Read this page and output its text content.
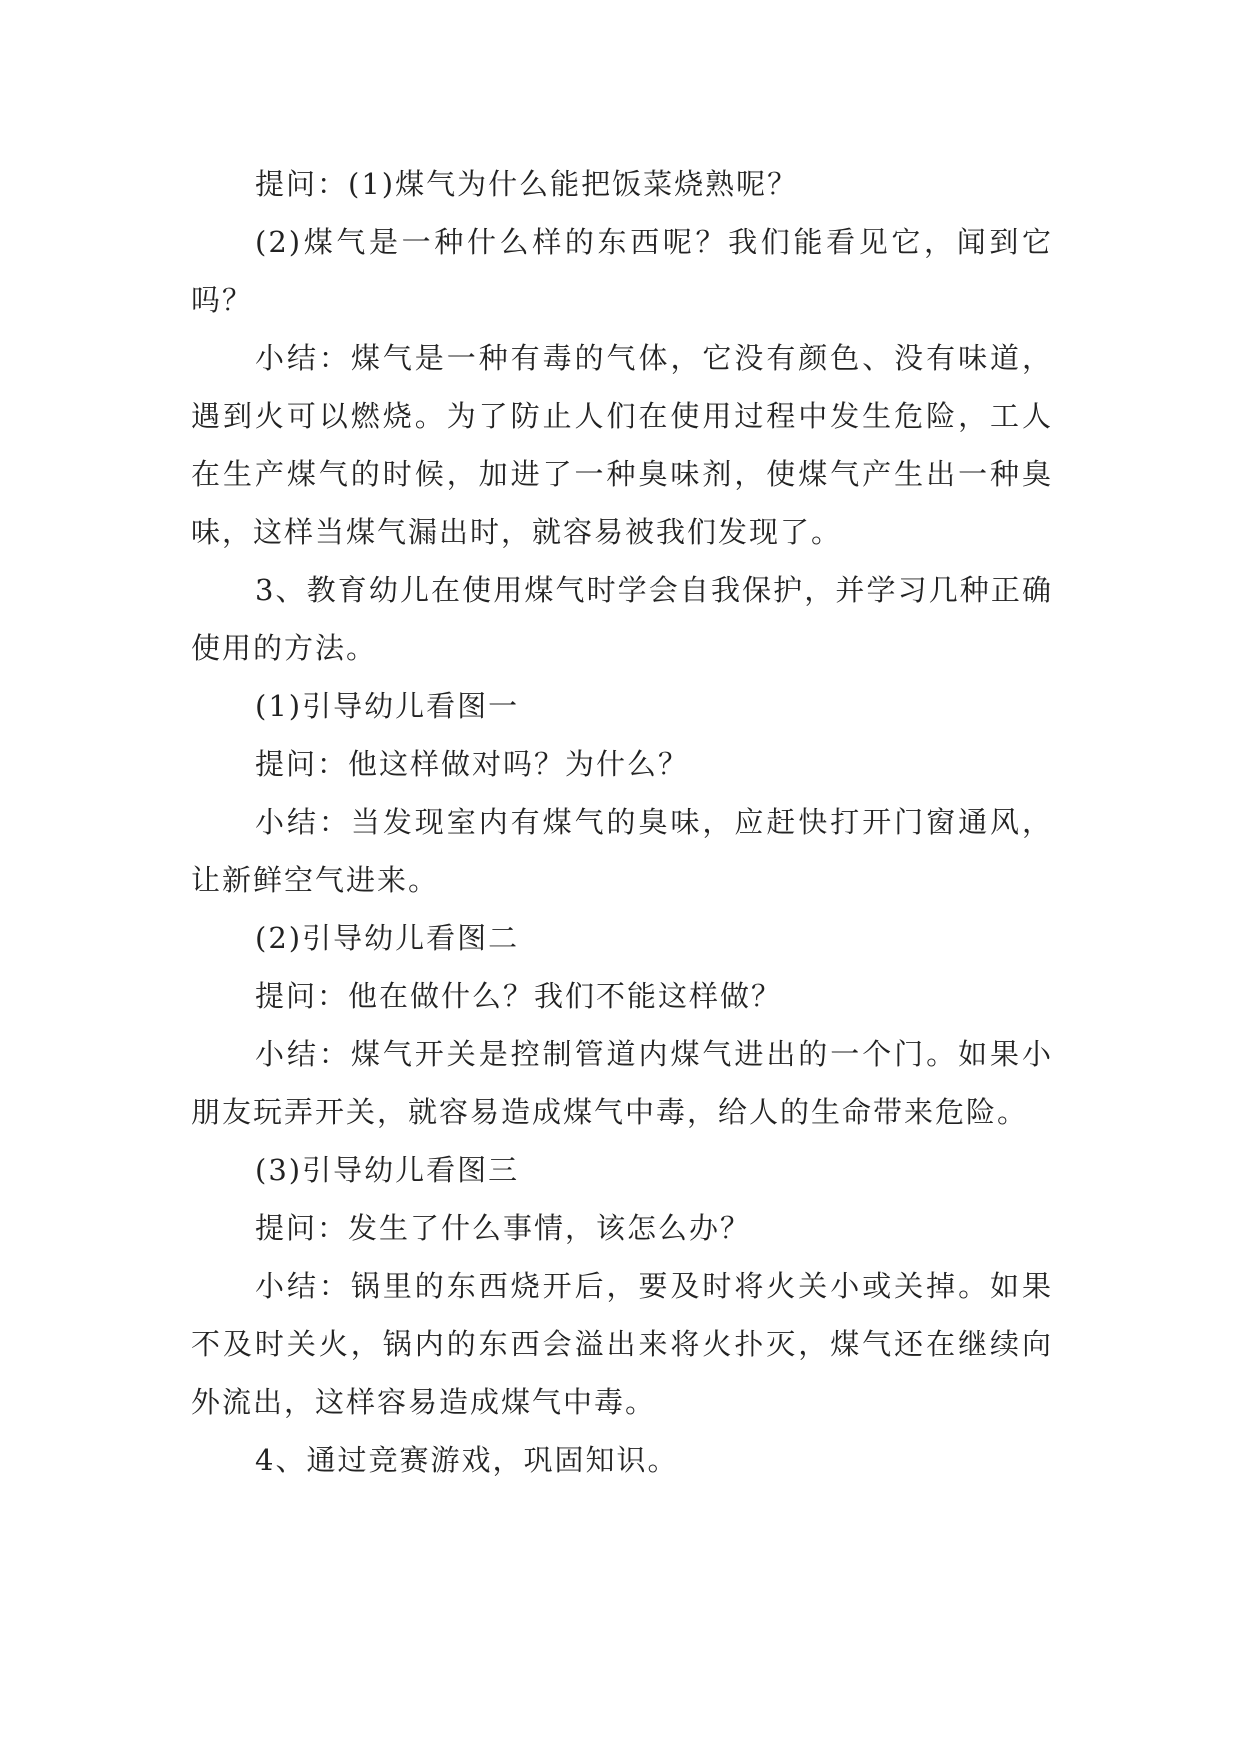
提问：(1)煤气为什么能把饭菜烧熟呢？

(2)煤气是一种什么样的东西呢？我们能看见它，闻到它吗？

小结：煤气是一种有毒的气体，它没有颜色、没有味道，遇到火可以燃烧。为了防止人们在使用过程中发生危险，工人在生产煤气的时候，加进了一种臭味剂，使煤气产生出一种臭味，这样当煤气漏出时，就容易被我们发现了。

3、教育幼儿在使用煤气时学会自我保护，并学习几种正确使用的方法。

(1)引导幼儿看图一

提问：他这样做对吗？为什么？

小结：当发现室内有煤气的臭味，应赶快打开门窗通风，让新鲜空气进来。

(2)引导幼儿看图二

提问：他在做什么？我们不能这样做？

小结：煤气开关是控制管道内煤气进出的一个门。如果小朋友玩弄开关，就容易造成煤气中毒，给人的生命带来危险。

(3)引导幼儿看图三

提问：发生了什么事情，该怎么办？

小结：锅里的东西烧开后，要及时将火关小或关掉。如果不及时关火，锅内的东西会溢出来将火扑灭，煤气还在继续向外流出，这样容易造成煤气中毒。

4、通过竞赛游戏，巩固知识。
